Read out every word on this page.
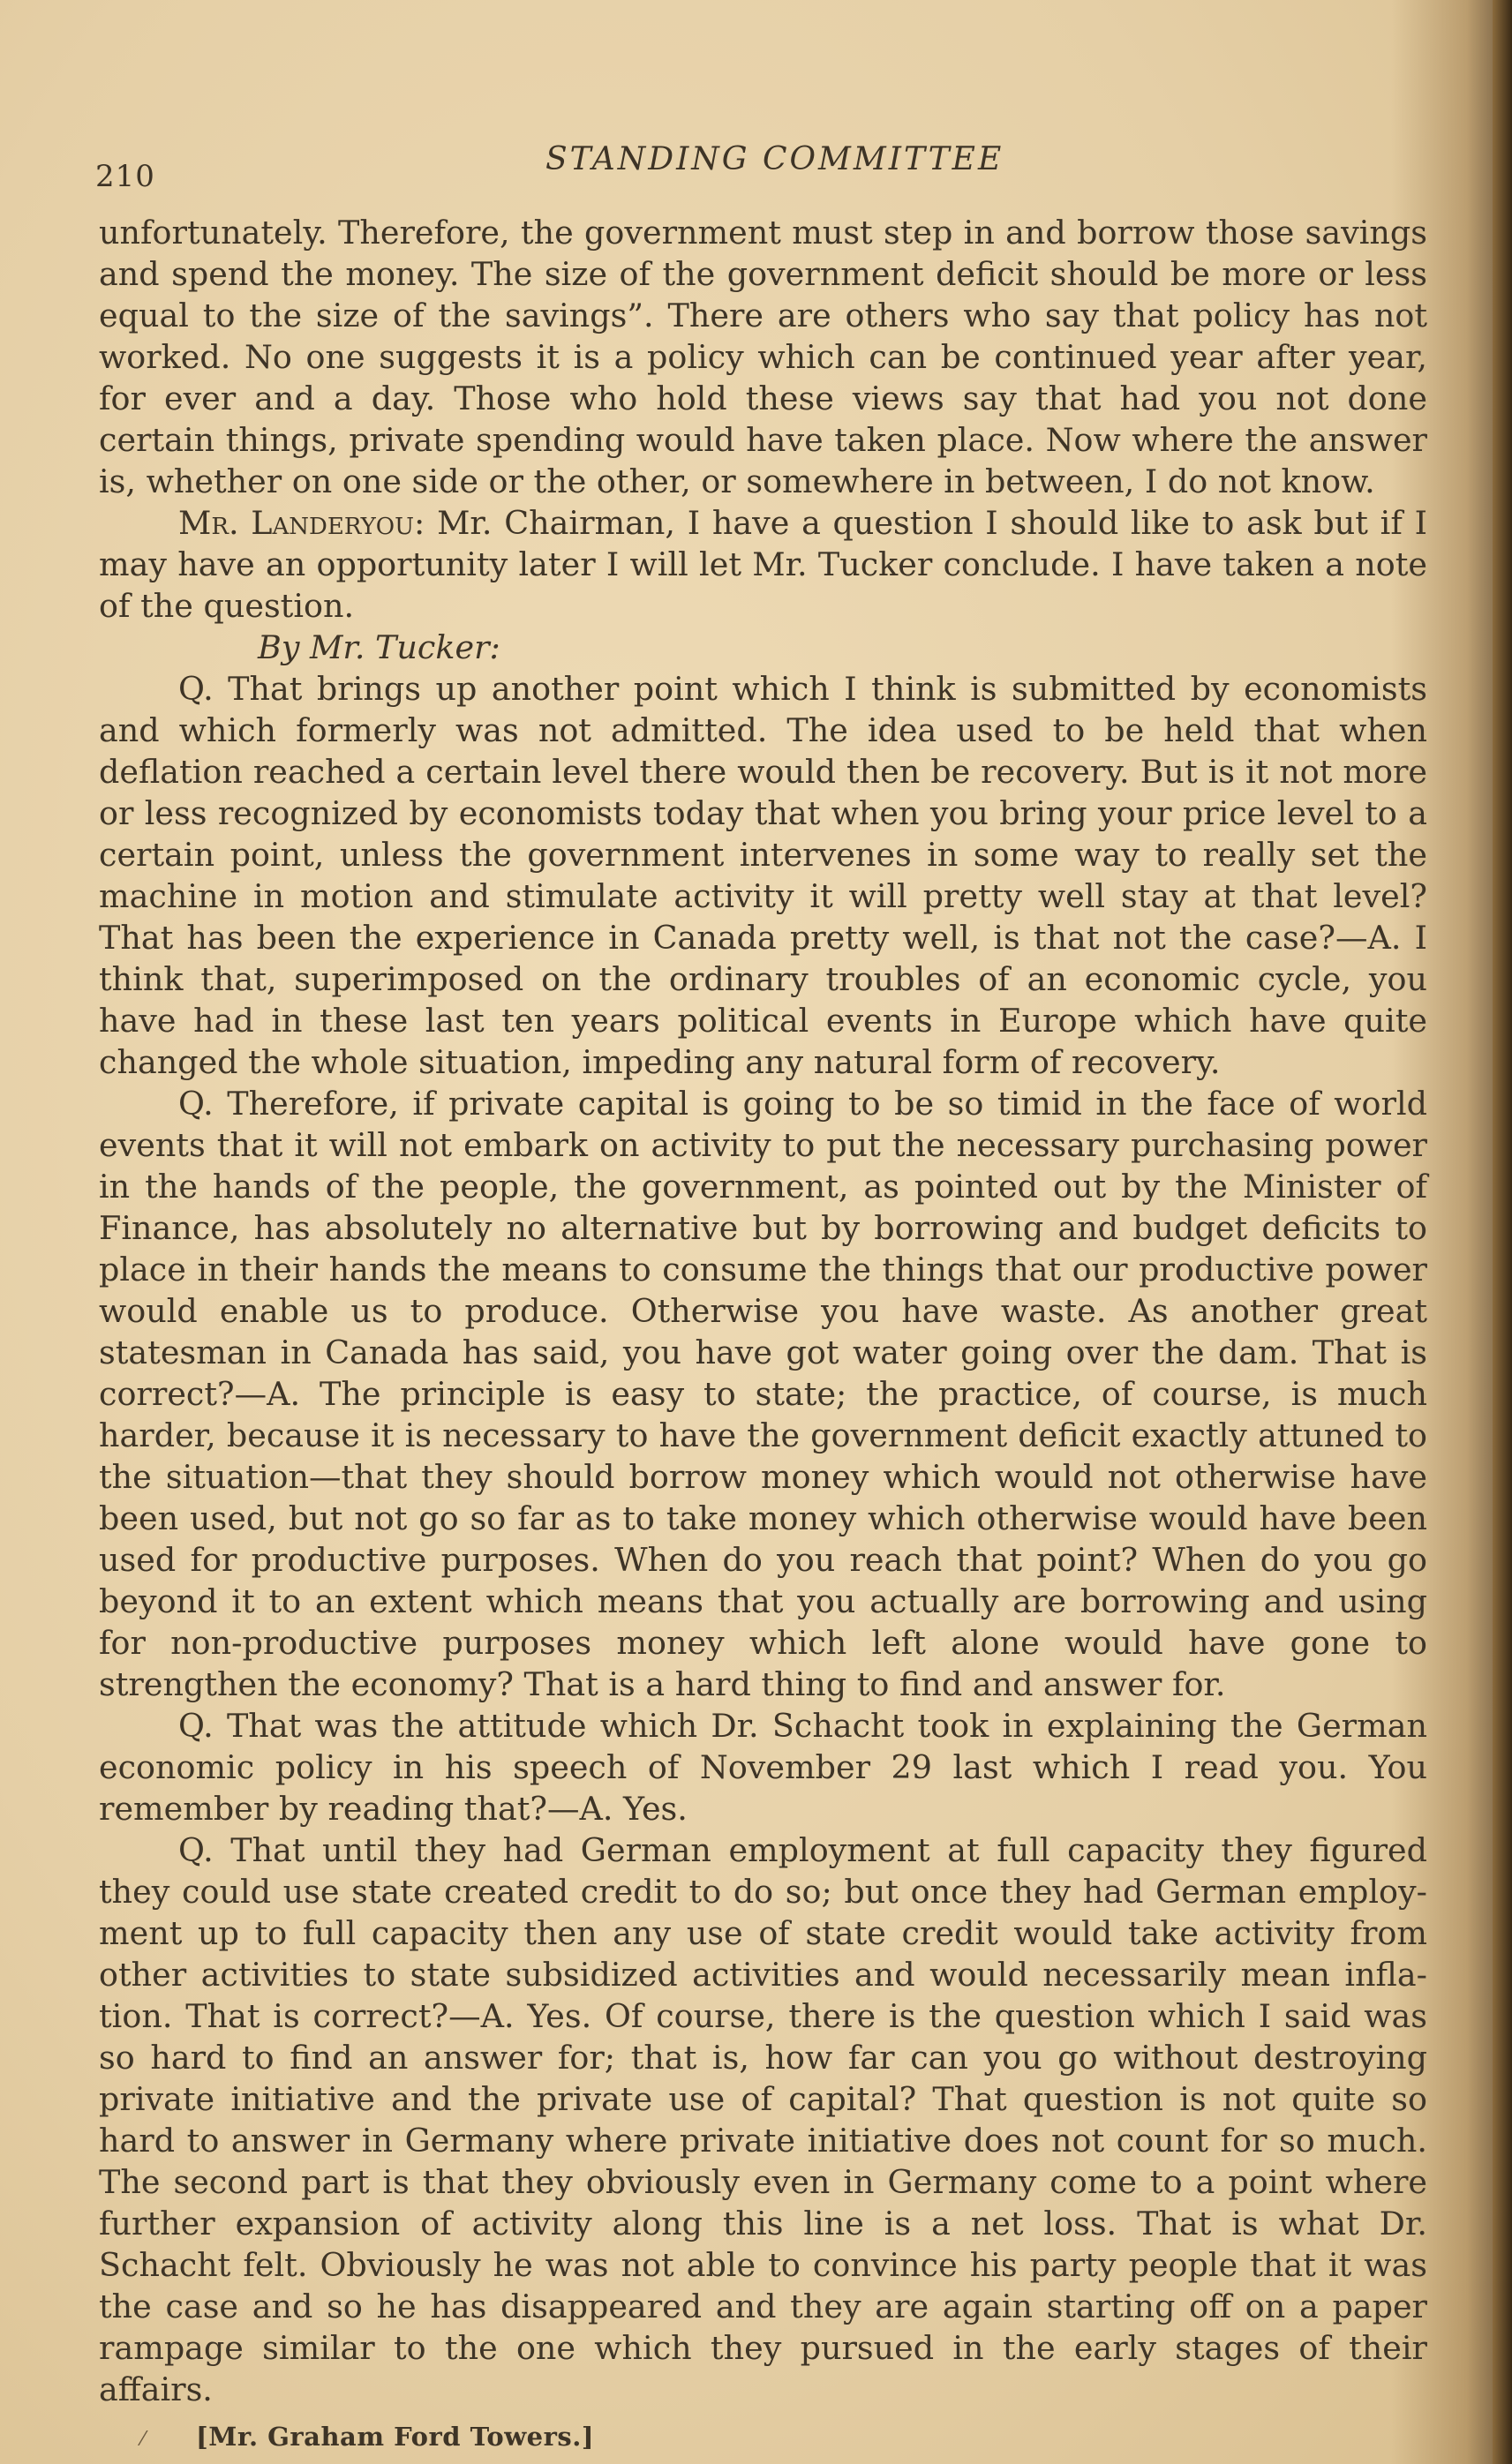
210	STANDING COMMITTEE

unfortunately. Therefore, the government must step in and borrow those savings and spend the money. The size of the government deficit should be more or less equal to the size of the savings”. There are others who say that policy has not worked. No one suggests it is a policy which can be continued year after year, for ever and a day. Those who hold these views say that had you not done certain things, private spending would have taken place. Now where the answer is, whether on one side or the other, or somewhere in between, I do not know.

Mr. Landeryou: Mr. Chairman, I have a question I should like to ask but if I may have an opportunity later I will let Mr. Tucker conclude. I have taken a note of the question.

By Mr. Tucker:

Q. That brings up another point which I think is submitted by economists and which formerly was not admitted. The idea used to be held that when deflation reached a certain level there would then be recovery. But is it not more or less recognized by economists today that when you bring your price level to a certain point, unless the government intervenes in some way to really set the machine in motion and stimulate activity it will pretty well stay at that level? That has been the experience in Canada pretty well, is that not the case?—A. I think that, superimposed on the ordinary troubles of an economic cycle, you have had in these last ten years political events in Europe which have quite changed the whole situation, impeding any natural form of recovery.

Q. Therefore, if private capital is going to be so timid in the face of world events that it will not embark on activity to put the necessary purchasing power in the hands of the people, the government, as pointed out by the Minister of Finance, has absolutely no alternative but by borrowing and budget deficits to place in their hands the means to consume the things that our productive power would enable us to produce. Otherwise you have waste. As another great statesman in Canada has said, you have got water going over the dam. That is correct?—A. The principle is easy to state; the practice, of course, is much harder, because it is necessary to have the government deficit exactly attuned to the situation—that they should borrow money which would not otherwise have been used, but not go so far as to take money which otherwise would have been used for productive purposes. When do you reach that point? When do you go beyond it to an extent which means that you actually are borrowing and using for non-productive purposes money which left alone would have gone to strengthen the economy? That is a hard thing to find and answer for.

Q. That was the attitude which Dr. Schacht took in explaining the German economic policy in his speech of November 29 last which I read you. You remember by reading that?—A. Yes.

Q. That until they had German employment at full capacity they figured they could use state created credit to do so; but once they had German employment up to full capacity then any use of state credit would take activity from other activities to state subsidized activities and would necessarily mean inflation. That is correct?—A. Yes. Of course, there is the question which I said was so hard to find an answer for; that is, how far can you go without destroying private initiative and the private use of capital? That question is not quite so hard to answer in Germany where private initiative does not count for so much. The second part is that they obviously even in Germany come to a point where further expansion of activity along this line is a net loss. That is what Dr. Schacht felt. Obviously he was not able to convince his party people that it was the case and so he has disappeared and they are again starting off on a paper rampage similar to the one which they pursued in the early stages of their affairs.

⁄ [Mr. Graham Ford Towers.]
